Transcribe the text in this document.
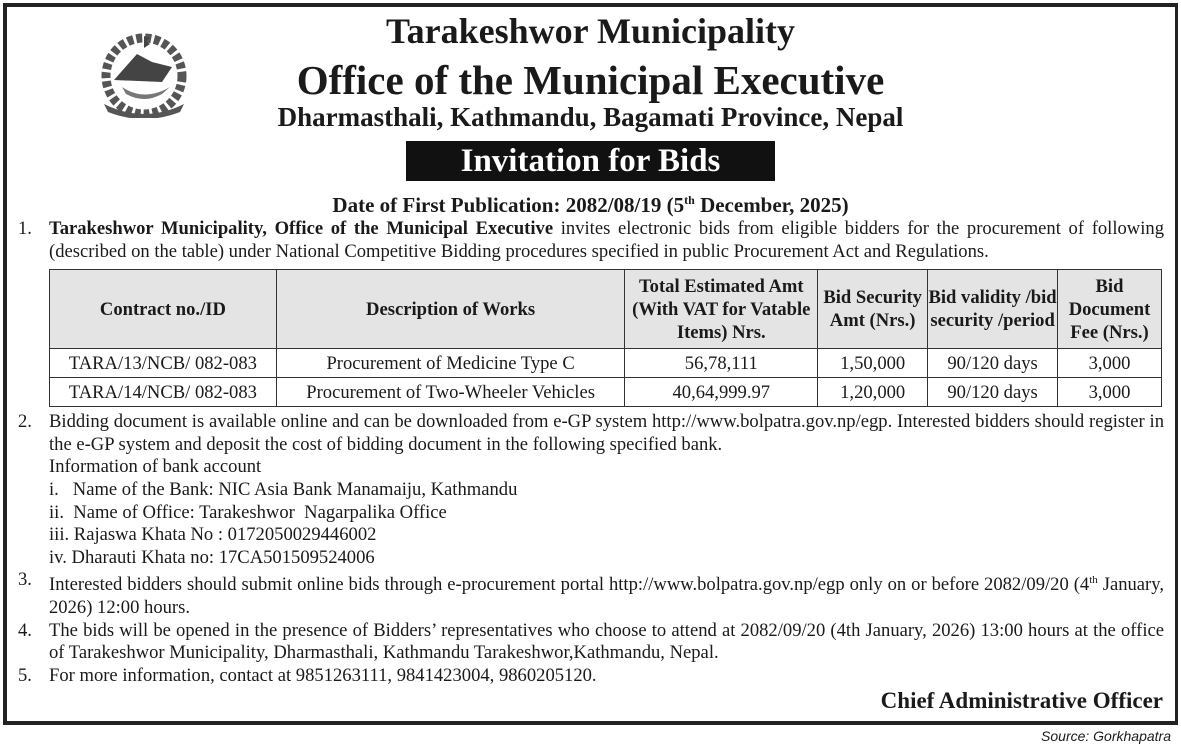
Tarakeshwor Municipality
Office of the Municipal Executive
Dharmasthali, Kathmandu, Bagamati Province, Nepal
Invitation for Bids
Date of First Publication: 2082/08/19 (5th December, 2025)
1. Tarakeshwor Municipality, Office of the Municipal Executive invites electronic bids from eligible bidders for the procurement of following (described on the table) under National Competitive Bidding procedures specified in public Procurement Act and Regulations.
Contract no./ID	Description of Works	Total Estimated Amt (With VAT for Vatable Items) Nrs.	Bid Security Amt (Nrs.)	Bid validity /bid security /period	Bid Document Fee (Nrs.)
TARA/13/NCB/ 082-083	Procurement of Medicine Type C	56,78,111	1,50,000	90/120 days	3,000
TARA/14/NCB/ 082-083	Procurement of Two-Wheeler Vehicles	40,64,999.97	1,20,000	90/120 days	3,000
2. Bidding document is available online and can be downloaded from e-GP system http://www.bolpatra.gov.np/egp. Interested bidders should register in the e-GP system and deposit the cost of bidding document in the following specified bank.
Information of bank account
i.   Name of the Bank: NIC Asia Bank Manamaiju, Kathmandu
ii.  Name of Office: Tarakeshwor  Nagarpalika Office
iii. Rajaswa Khata No : 0172050029446002
iv. Dharauti Khata no: 17CA501509524006
3. Interested bidders should submit online bids through e-procurement portal http://www.bolpatra.gov.np/egp only on or before 2082/09/20 (4th January, 2026) 12:00 hours.
4. The bids will be opened in the presence of Bidders’ representatives who choose to attend at 2082/09/20 (4th January, 2026) 13:00 hours at the office of Tarakeshwor Municipality, Dharmasthali, Kathmandu Tarakeshwor,Kathmandu, Nepal.
5. For more information, contact at 9851263111, 9841423004, 9860205120.
Chief Administrative Officer
Source: Gorkhapatra
